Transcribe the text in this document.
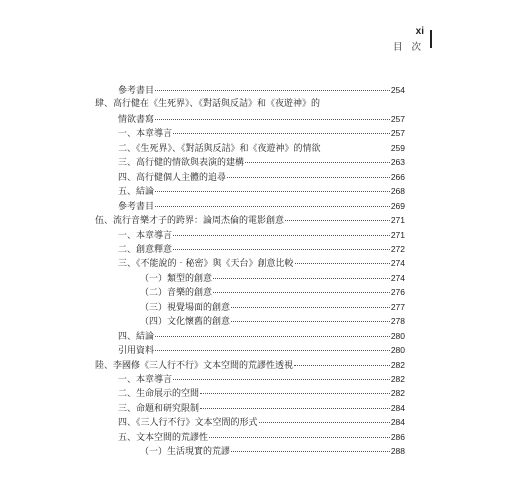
xi
目 次
參考書目	254
肆、高行健在《生死界》、《對話與反詰》和《夜遊神》的
情欲書寫	257
一、本章導言	257
二、《生死界》、《對話與反詰》和《夜遊神》的情欲	259
三、高行健的情欲與表演的建構	263
四、高行健個人主體的追尋	266
五、結論	268
參考書目	269
伍、流行音樂才子的跨界：論周杰倫的電影創意	271
一、本章導言	271
二、創意釋意	272
三、《不能說的‧秘密》與《天台》創意比較	274
（一）類型的創意	274
（二）音樂的創意	276
（三）視覺場面的創意	277
（四）文化懷舊的創意	278
四、結論	280
引用資料	280
陸、李國修《三人行不行》文本空間的荒謬性透視	282
一、本章導言	282
二、生命展示的空間	282
三、命題和研究限制	284
四、《三人行不行》文本空間的形式	284
五、文本空間的荒謬性	286
（一）生活現實的荒謬	288
